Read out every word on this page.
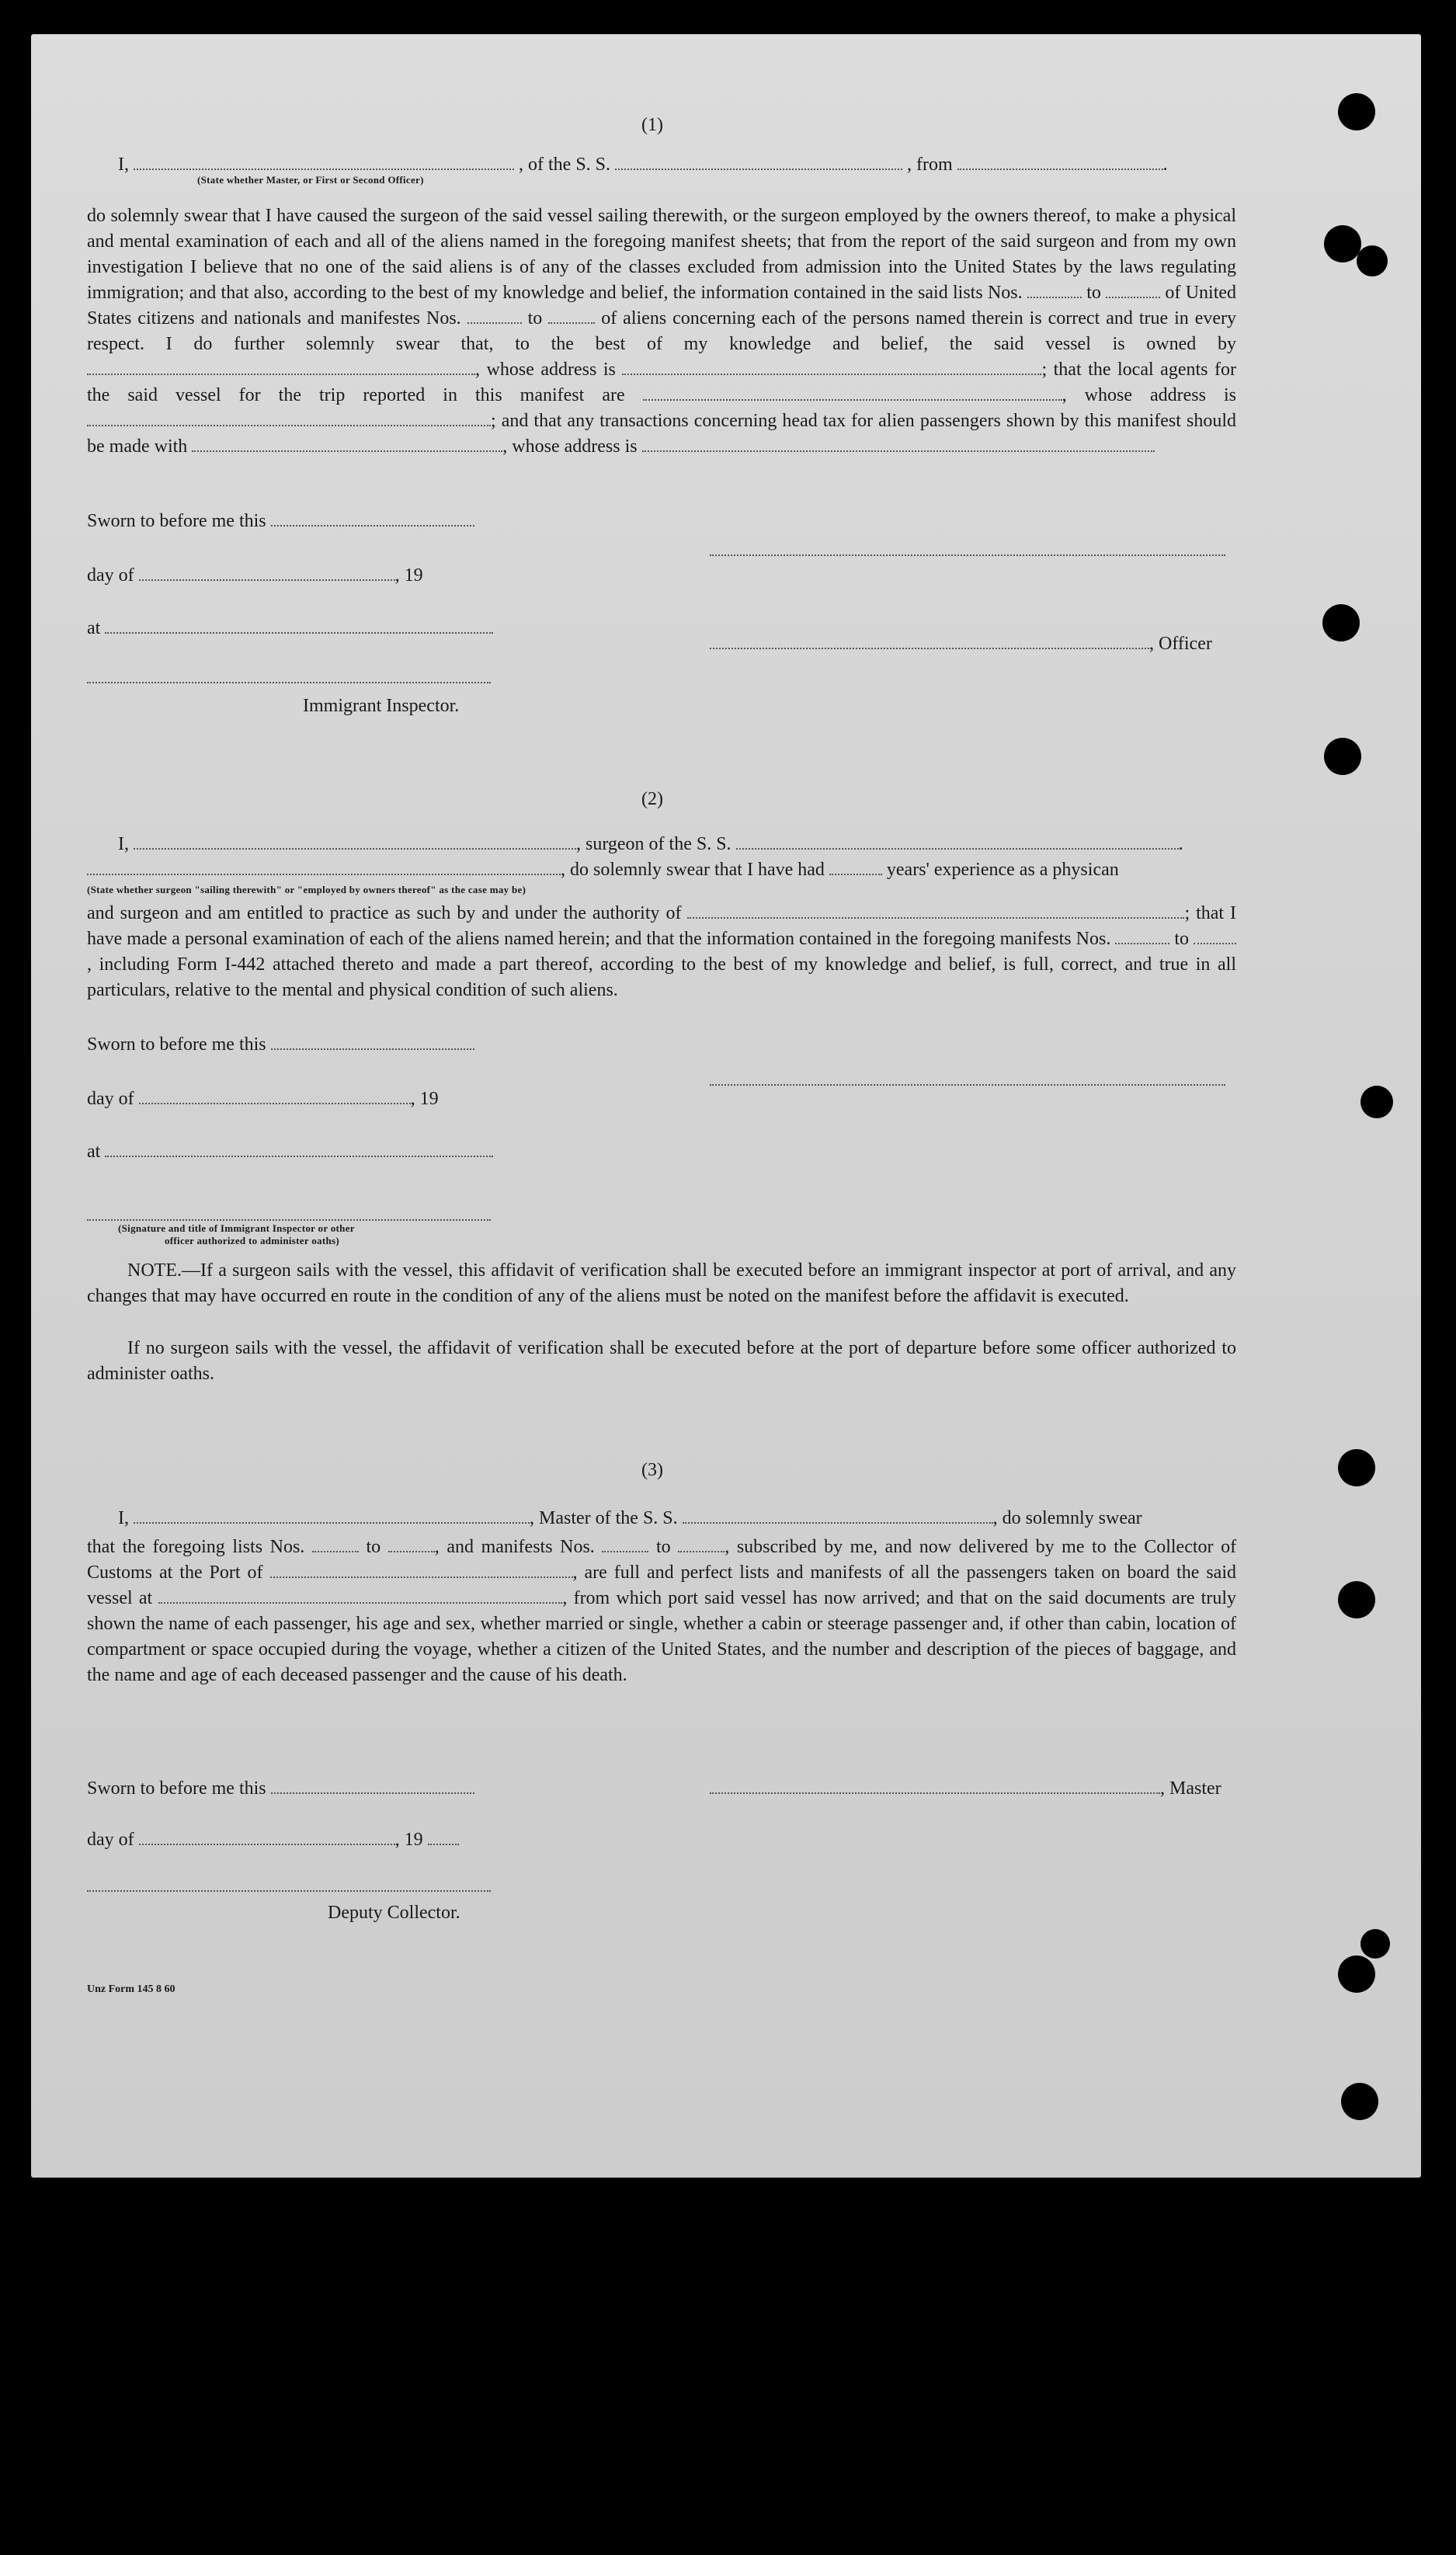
(1)
I,	, of the S. S.	, from	.
(State whether Master, or First or Second Officer)
do solemnly swear that I have caused the surgeon of the said vessel sailing therewith, or the surgeon employed by the owners thereof, to make a physical and mental examination of each and all of the aliens named in the foregoing manifest sheets; that from the report of the said surgeon and from my own investigation I believe that no one of the said aliens is of any of the classes excluded from admission into the United States by the laws regulating immigration; and that also, according to the best of my knowledge and belief, the information contained in the said lists Nos.	to	of United States citizens and nationals and manifestes Nos.	to	of aliens concerning each of the persons named therein is correct and true in every respect. I do further solemnly swear that, to the best of my knowledge and belief, the said vessel is owned by , whose address is	; that the local agents for the said vessel for the trip reported in this manifest are	, whose address is ; and that any transactions concerning head tax for alien passengers shown by this manifest should be made with	, whose address is
Sworn to before me this
day of	, 19
at
, Officer
Immigrant Inspector.
(2)
I,	, surgeon of the S. S.	.
, do solemnly swear that I have had	years' experience as a physican
(State whether surgeon "sailing therewith" or "employed by owners thereof" as the case may be)
and surgeon and am entitled to practice as such by and under the authority of	; that I have made a personal examination of each of the aliens named herein; and that the information contained in the foregoing manifests Nos.	to , including Form I-442 attached thereto and made a part thereof, according to the best of my knowledge and belief, is full, correct, and true in all particulars, relative to the mental and physical condition of such aliens.
Sworn to before me this
day of	, 19
at
(Signature and title of Immigrant Inspector or other
officer authorized to administer oaths)
NOTE.—If a surgeon sails with the vessel, this affidavit of verification shall be executed before an immigrant inspector at port of arrival, and any changes that may have occurred en route in the condition of any of the aliens must be noted on the manifest before the affidavit is executed.
If no surgeon sails with the vessel, the affidavit of verification shall be executed before at the port of departure before some officer authorized to administer oaths.
(3)
I,	, Master of the S. S.	, do solemnly swear
that the foregoing lists Nos.	to	, and manifests Nos.	to	, subscribed by me, and now delivered by me to the Collector of Customs at the Port of	, are full and perfect lists and manifests of all the passengers taken on board the said vessel at	, from which port said vessel has now arrived; and that on the said documents are truly shown the name of each passenger, his age and sex, whether married or single, whether a cabin or steerage passenger and, if other than cabin, location of compartment or space occupied during the voyage, whether a citizen of the United States, and the number and description of the pieces of baggage, and the name and age of each deceased passenger and the cause of his death.
Sworn to before me this	, Master
day of	, 19
Deputy Collector.
Unz Form 145 8 60
